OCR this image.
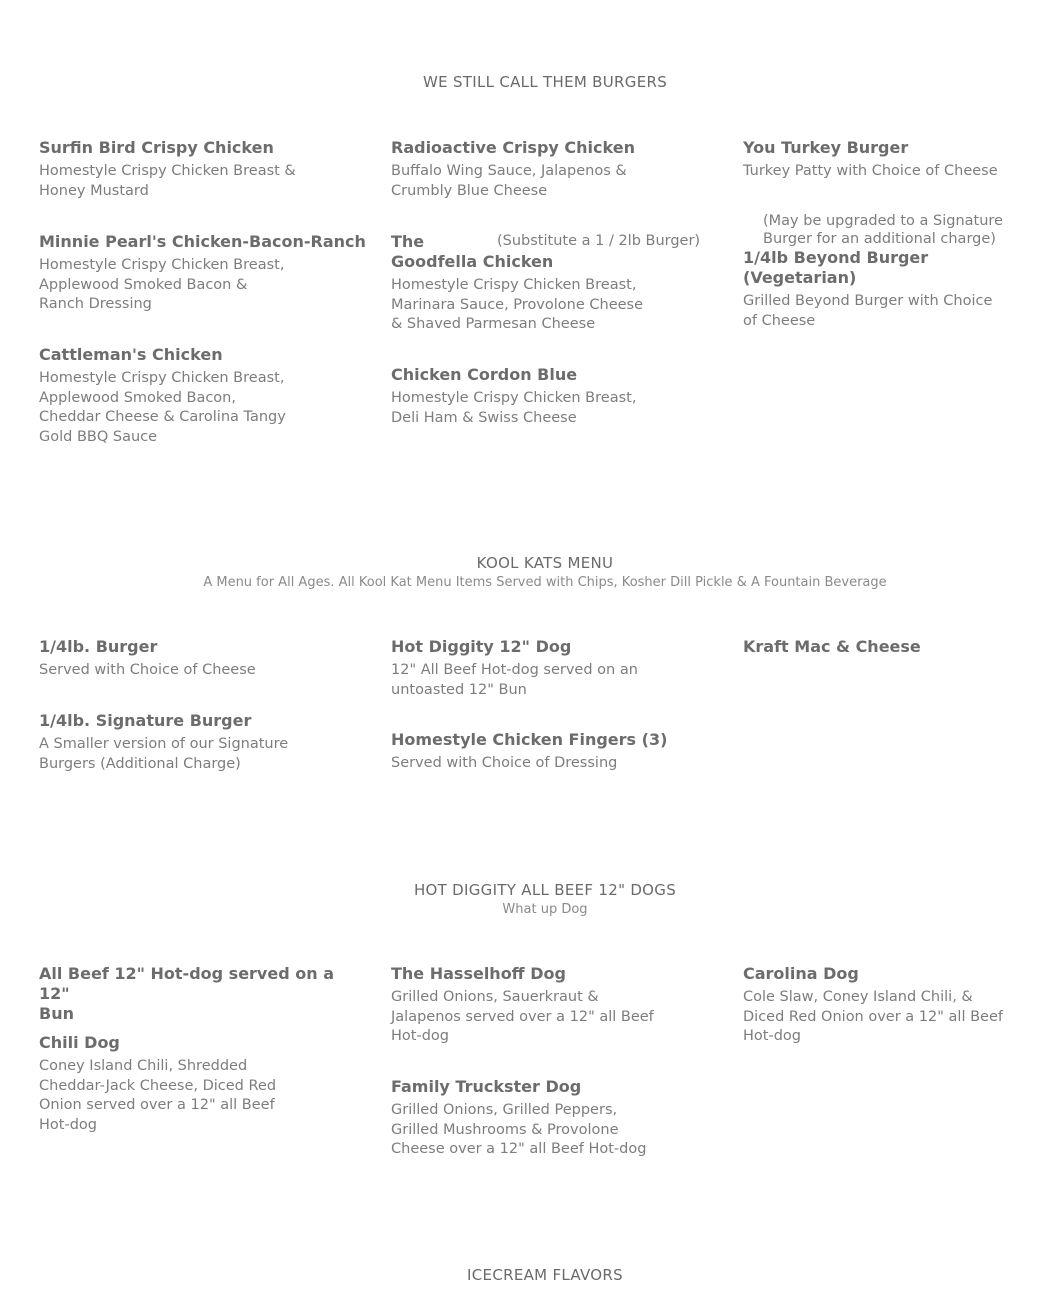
WE STILL CALL THEM BURGERS
Surfin Bird Crispy Chicken
Homestyle Crispy Chicken Breast &
Honey Mustard
Minnie Pearl's Chicken-Bacon-Ranch
Homestyle Crispy Chicken Breast,
Applewood Smoked Bacon &
Ranch Dressing
Cattleman's Chicken
Homestyle Crispy Chicken Breast,
Applewood Smoked Bacon,
Cheddar Cheese & Carolina Tangy
Gold BBQ Sauce
Radioactive Crispy Chicken
Buffalo Wing Sauce, Jalapenos &
Crumbly Blue Cheese
The
Goodfella Chicken
Homestyle Crispy Chicken Breast,
Marinara Sauce, Provolone Cheese
& Shaved Parmesan Cheese
(Substitute a 1 / 2lb Burger)
Chicken Cordon Blue
Homestyle Crispy Chicken Breast,
Deli Ham & Swiss Cheese
You Turkey Burger
Turkey Patty with Choice of Cheese
(May be upgraded to a Signature
Burger for an additional charge)
1/4lb Beyond Burger (Vegetarian)
Grilled Beyond Burger with Choice
of Cheese
KOOL KATS MENU
A Menu for All Ages. All Kool Kat Menu Items Served with Chips, Kosher Dill Pickle & A Fountain Beverage
1/4lb. Burger
Served with Choice of Cheese
1/4lb. Signature Burger
A Smaller version of our Signature
Burgers (Additional Charge)
Hot Diggity 12" Dog
12" All Beef Hot-dog served on an
untoasted 12" Bun
Homestyle Chicken Fingers (3)
Served with Choice of Dressing
Kraft Mac & Cheese
HOT DIGGITY ALL BEEF 12" DOGS
What up Dog
All Beef 12" Hot-dog served on a 12"
Bun
Chili Dog
Coney Island Chili, Shredded
Cheddar-Jack Cheese, Diced Red
Onion served over a 12" all Beef
Hot-dog
The Hasselhoff Dog
Grilled Onions, Sauerkraut &
Jalapenos served over a 12" all Beef
Hot-dog
Family Truckster Dog
Grilled Onions, Grilled Peppers,
Grilled Mushrooms & Provolone
Cheese over a 12" all Beef Hot-dog
Carolina Dog
Cole Slaw, Coney Island Chili, &
Diced Red Onion over a 12" all Beef
Hot-dog
ICECREAM FLAVORS
